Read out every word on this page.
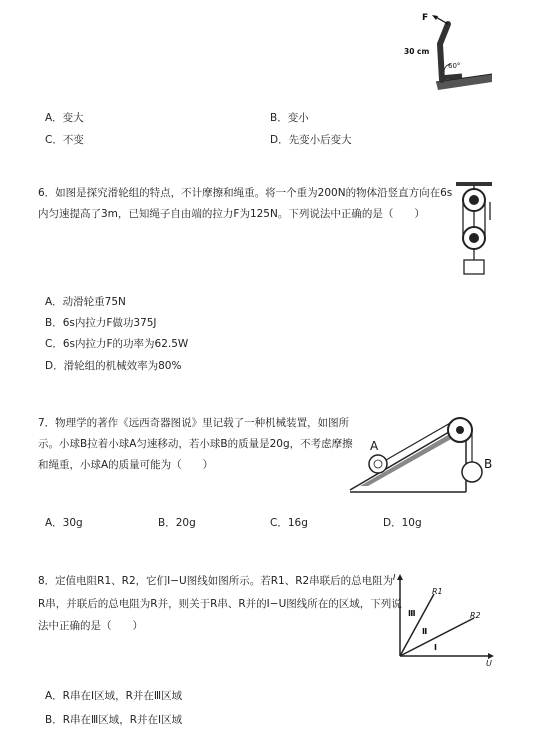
F
30 cm
60°
A．变大	B．变小
C．不变	D．先变小后变大
6．如图是探究滑轮组的特点，不计摩擦和绳重。将一个重为200N的物体沿竖直方向在6s
内匀速提高了3m，已知绳子自由端的拉力F为125N。下列说法中正确的是（　　）
A．动滑轮重75N
B．6s内拉力F做功375J
C．6s内拉力F的功率为62.5W
D．滑轮组的机械效率为80%
7．物理学的著作《远西奇器图说》里记载了一种机械装置，如图所
示。小球B拉着小球A匀速移动，若小球B的质量是20g，不考虑摩擦
和绳重，小球A的质量可能为（　　）
A
B
A．30g	B．20g	C．16g	D．10g
8．定值电阻R1、R2，它们I−U图线如图所示。若R1、R2串联后的总电阻为
R串，并联后的总电阻为R并，则关于R串、R并的I−U图线所在的区域，下列说
法中正确的是（　　）
I
U
R1
R2
Ⅲ
Ⅱ
Ⅰ
A．R串在Ⅰ区域，R并在Ⅲ区域
B．R串在Ⅲ区域，R并在Ⅰ区域
